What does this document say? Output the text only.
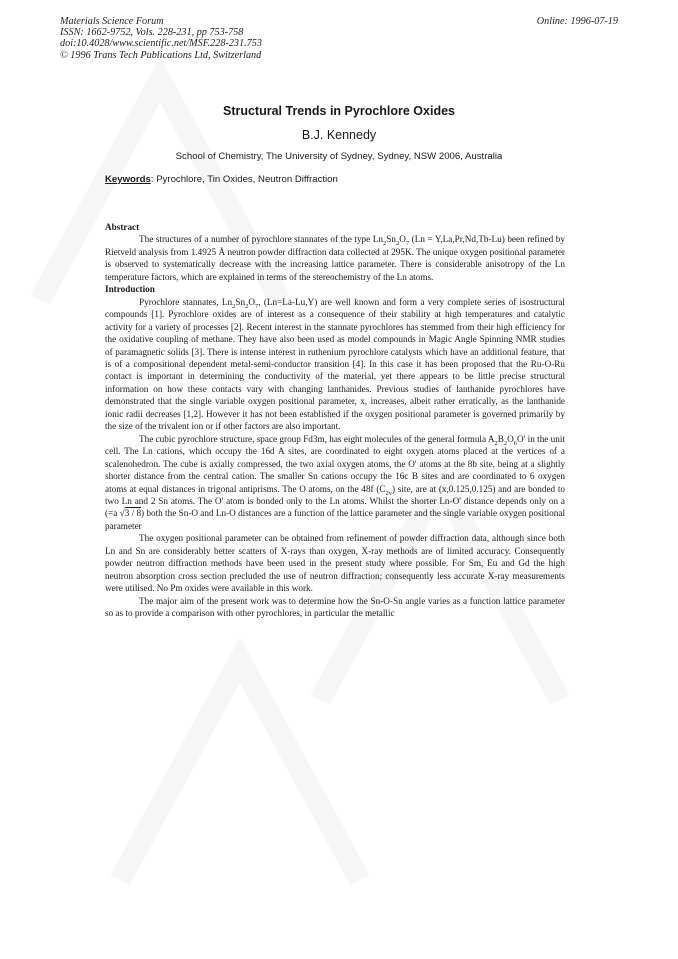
Materials Science Forum
ISSN: 1662-9752, Vols. 228-231, pp 753-758
doi:10.4028/www.scientific.net/MSF.228-231.753
© 1996 Trans Tech Publications Ltd, Switzerland
Online: 1996-07-19
Structural Trends in Pyrochlore Oxides
B.J. Kennedy
School of Chemistry, The University of Sydney, Sydney, NSW 2006, Australia
Keywords: Pyrochlore, Tin Oxides, Neutron Diffraction

Abstract

The structures of a number of pyrochlore stannates of the type $Ln_2Sn_2O_7$ (Ln = Y,La,Pr,Nd,Tb-Lu) been refined by Rietveld analysis from 1.4925 Å neutron powder diffraction data collected at 295K. The unique oxygen positional parameter is observed to systematically decrease with the increasing lattice parameter. There is considerable anisotropy of the Ln temperature factors, which are explained in terms of the stereochemistry of the Ln atoms.

Introduction

Pyrochlore stannates, $Ln_2Sn_2O_7$, (Ln=La-Lu,Y) are well known and form a very complete series of isostructural compounds [1]. Pyrochlore oxides are of interest as a consequence of their stability at high temperatures and catalytic activity for a variety of processes [2]. Recent interest in the stannate pyrochlores has stemmed from their high efficiency for the oxidative coupling of methane. They have also been used as model compounds in Magic Angle Spinning NMR studies of paramagnetic solids [3]. There is intense interest in ruthenium pyrochlore catalysts which have an additional feature, that is of a compositional dependent metal-semi-conductor transition [4]. In this case it has been proposed that the Ru-O-Ru contact is important in determining the conductivity of the material, yet there appears to be little precise structural information on how these contacts vary with changing lanthanides. Previous studies of lanthanide pyrochlores have demonstrated that the single variable oxygen positional parameter, x, increases, albeit rather erratically, as the lanthanide ionic radii decreases [1,2]. However it has not been established if the oxygen positional parameter is governed primarily by the size of the trivalent ion or if other factors are also important.

The cubic pyrochlore structure, space group Fd3m, has eight molecules of the general formula $A_2B_2O_6O'$ in the unit cell. The Ln cations, which occupy the 16d A sites, are coordinated to eight oxygen atoms placed at the vertices of a scalenohedron. The cube is axially compressed, the two axial oxygen atoms, the O' atoms at the 8b site, being at a slightly shorter distance from the central cation. The smaller Sn cations occupy the 16c B sites and are coordinated to 6 oxygen atoms at equal distances in trigonal antiprisms. The O atoms, on the 48f $(C_{2v})$ site, are at (x,0.125,0.125) and are bonded to two Ln and 2 Sn atoms. The O' atom is bonded only to the Ln atoms. Whilst the shorter Ln-O' distance depends only on a (=a √3 / 8) both the Sn-O and Ln-O distances are a function of the lattice parameter and the single variable oxygen positional parameter

The oxygen positional parameter can be obtained from refinement of powder diffraction data, although since both Ln and Sn are considerably better scatters of X-rays than oxygen, X-ray methods are of limited accuracy. Consequently powder neutron diffraction methods have been used in the present study where possible. For Sm, Eu and Gd the high neutron absorption cross section precluded the use of neutron diffraction; consequently less accurate X-ray measurements were utilised. No Pm oxides were available in this work.

The major aim of the present work was to determine how the Sn-O-Sn angle varies as a function lattice parameter so as to provide a comparison with other pyrochlores, in particular the metallic
